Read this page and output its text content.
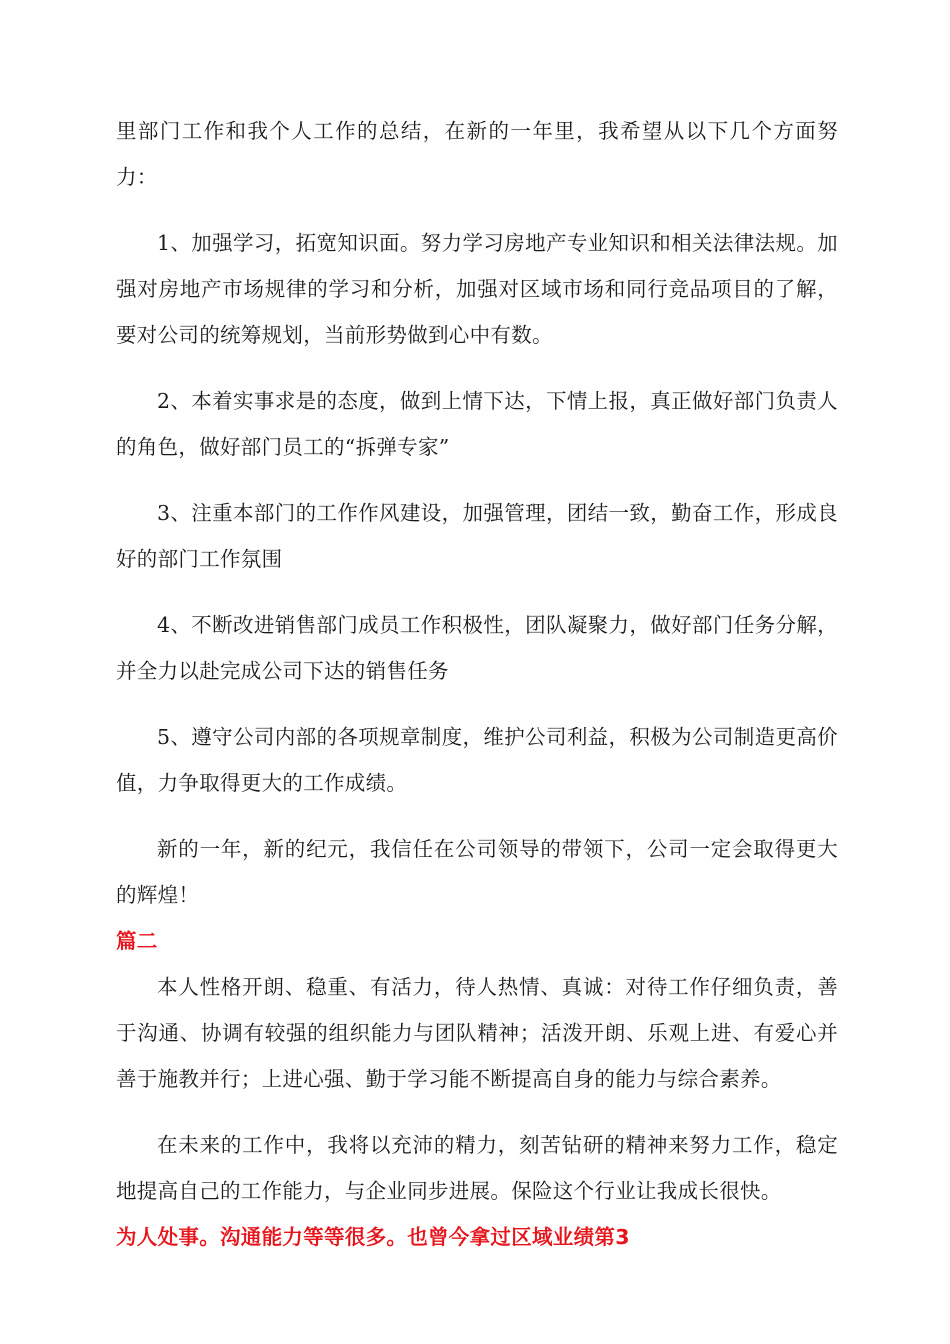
里部门工作和我个人工作的总结，在新的一年里，我希望从以下几个方面努力：

1、加强学习，拓宽知识面。努力学习房地产专业知识和相关法律法规。加强对房地产市场规律的学习和分析，加强对区域市场和同行竞品项目的了解，要对公司的统筹规划，当前形势做到心中有数。

2、本着实事求是的态度，做到上情下达，下情上报，真正做好部门负责人的角色，做好部门员工的“拆弹专家”

3、注重本部门的工作作风建设，加强管理，团结一致，勤奋工作，形成良好的部门工作氛围

4、不断改进销售部门成员工作积极性，团队凝聚力，做好部门任务分解，并全力以赴完成公司下达的销售任务

5、遵守公司内部的各项规章制度，维护公司利益，积极为公司制造更高价值，力争取得更大的工作成绩。

新的一年，新的纪元，我信任在公司领导的带领下，公司一定会取得更大的辉煌！

篇二

本人性格开朗、稳重、有活力，待人热情、真诚：对待工作仔细负责，善于沟通、协调有较强的组织能力与团队精神；活泼开朗、乐观上进、有爱心并善于施教并行；上进心强、勤于学习能不断提高自身的能力与综合素养。

在未来的工作中，我将以充沛的精力，刻苦钻研的精神来努力工作，稳定地提高自己的工作能力，与企业同步进展。保险这个行业让我成长很快。

为人处事。沟通能力等等很多。也曾今拿过区域业绩第3
